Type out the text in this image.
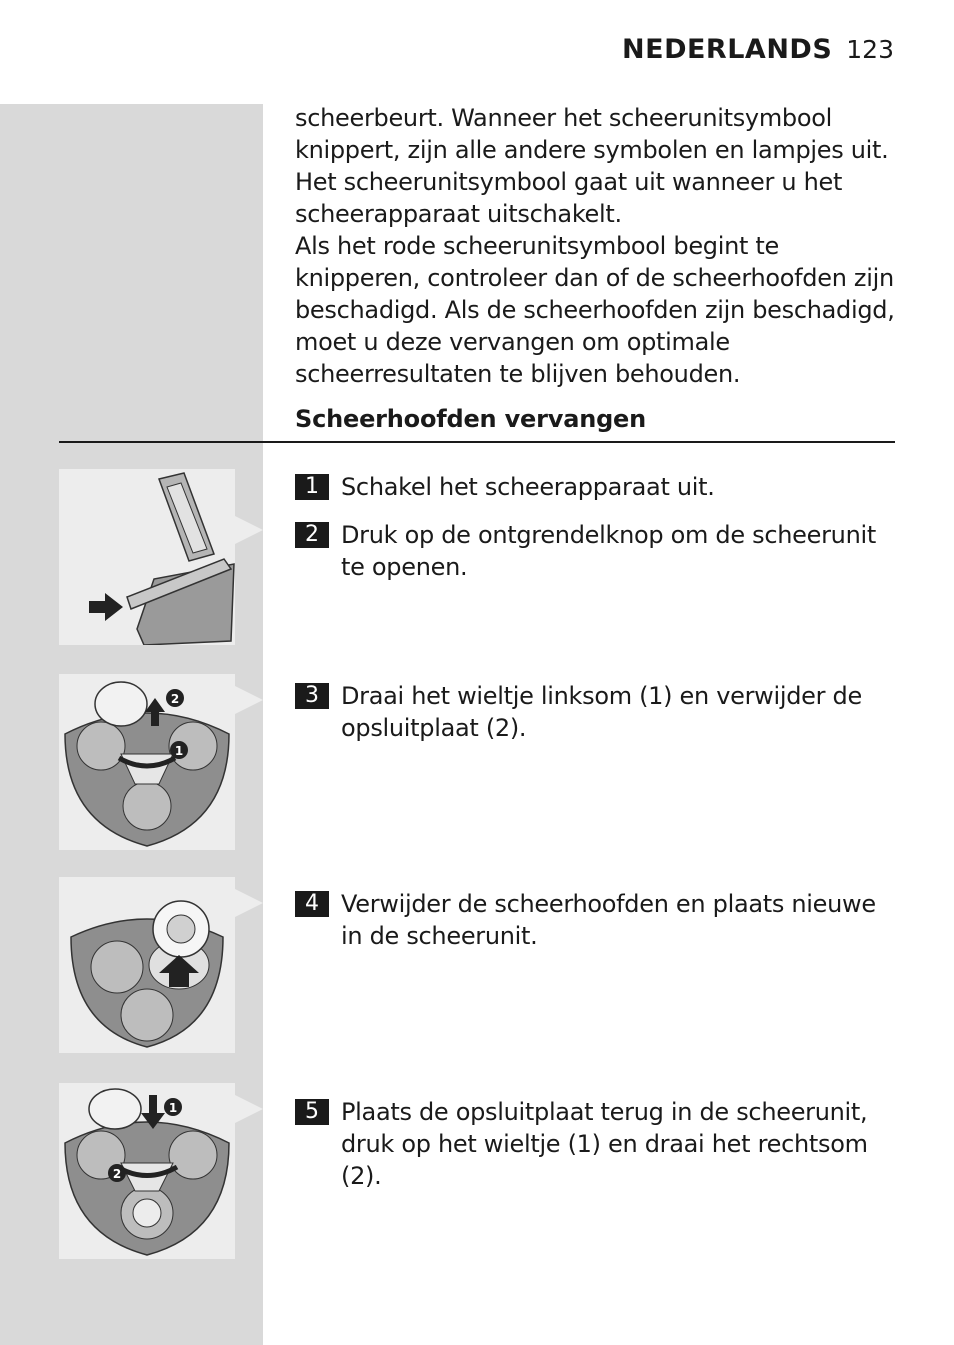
NEDERLANDS 123

scheerbeurt. Wanneer het scheerunitsymbool knippert, zijn alle andere symbolen en lampjes uit. Het scheerunitsymbool gaat uit wanneer u het scheerapparaat uitschakelt.

Als het rode scheerunitsymbool begint te knipperen, controleer dan of de scheerhoofden zijn beschadigd. Als de scheerhoofden zijn beschadigd, moet u deze vervangen om optimale scheerresultaten te blijven behouden.

Scheerhoofden vervangen
2
1
1
2
1 Schakel het scheerapparaat uit.
2 Druk op de ontgrendelknop om de scheerunit te openen.
3 Draai het wieltje linksom (1) en verwijder de opsluitplaat (2).
4 Verwijder de scheerhoofden en plaats nieuwe in de scheerunit.
5 Plaats de opsluitplaat terug in de scheerunit, druk op het wieltje (1) en draai het rechtsom (2).
